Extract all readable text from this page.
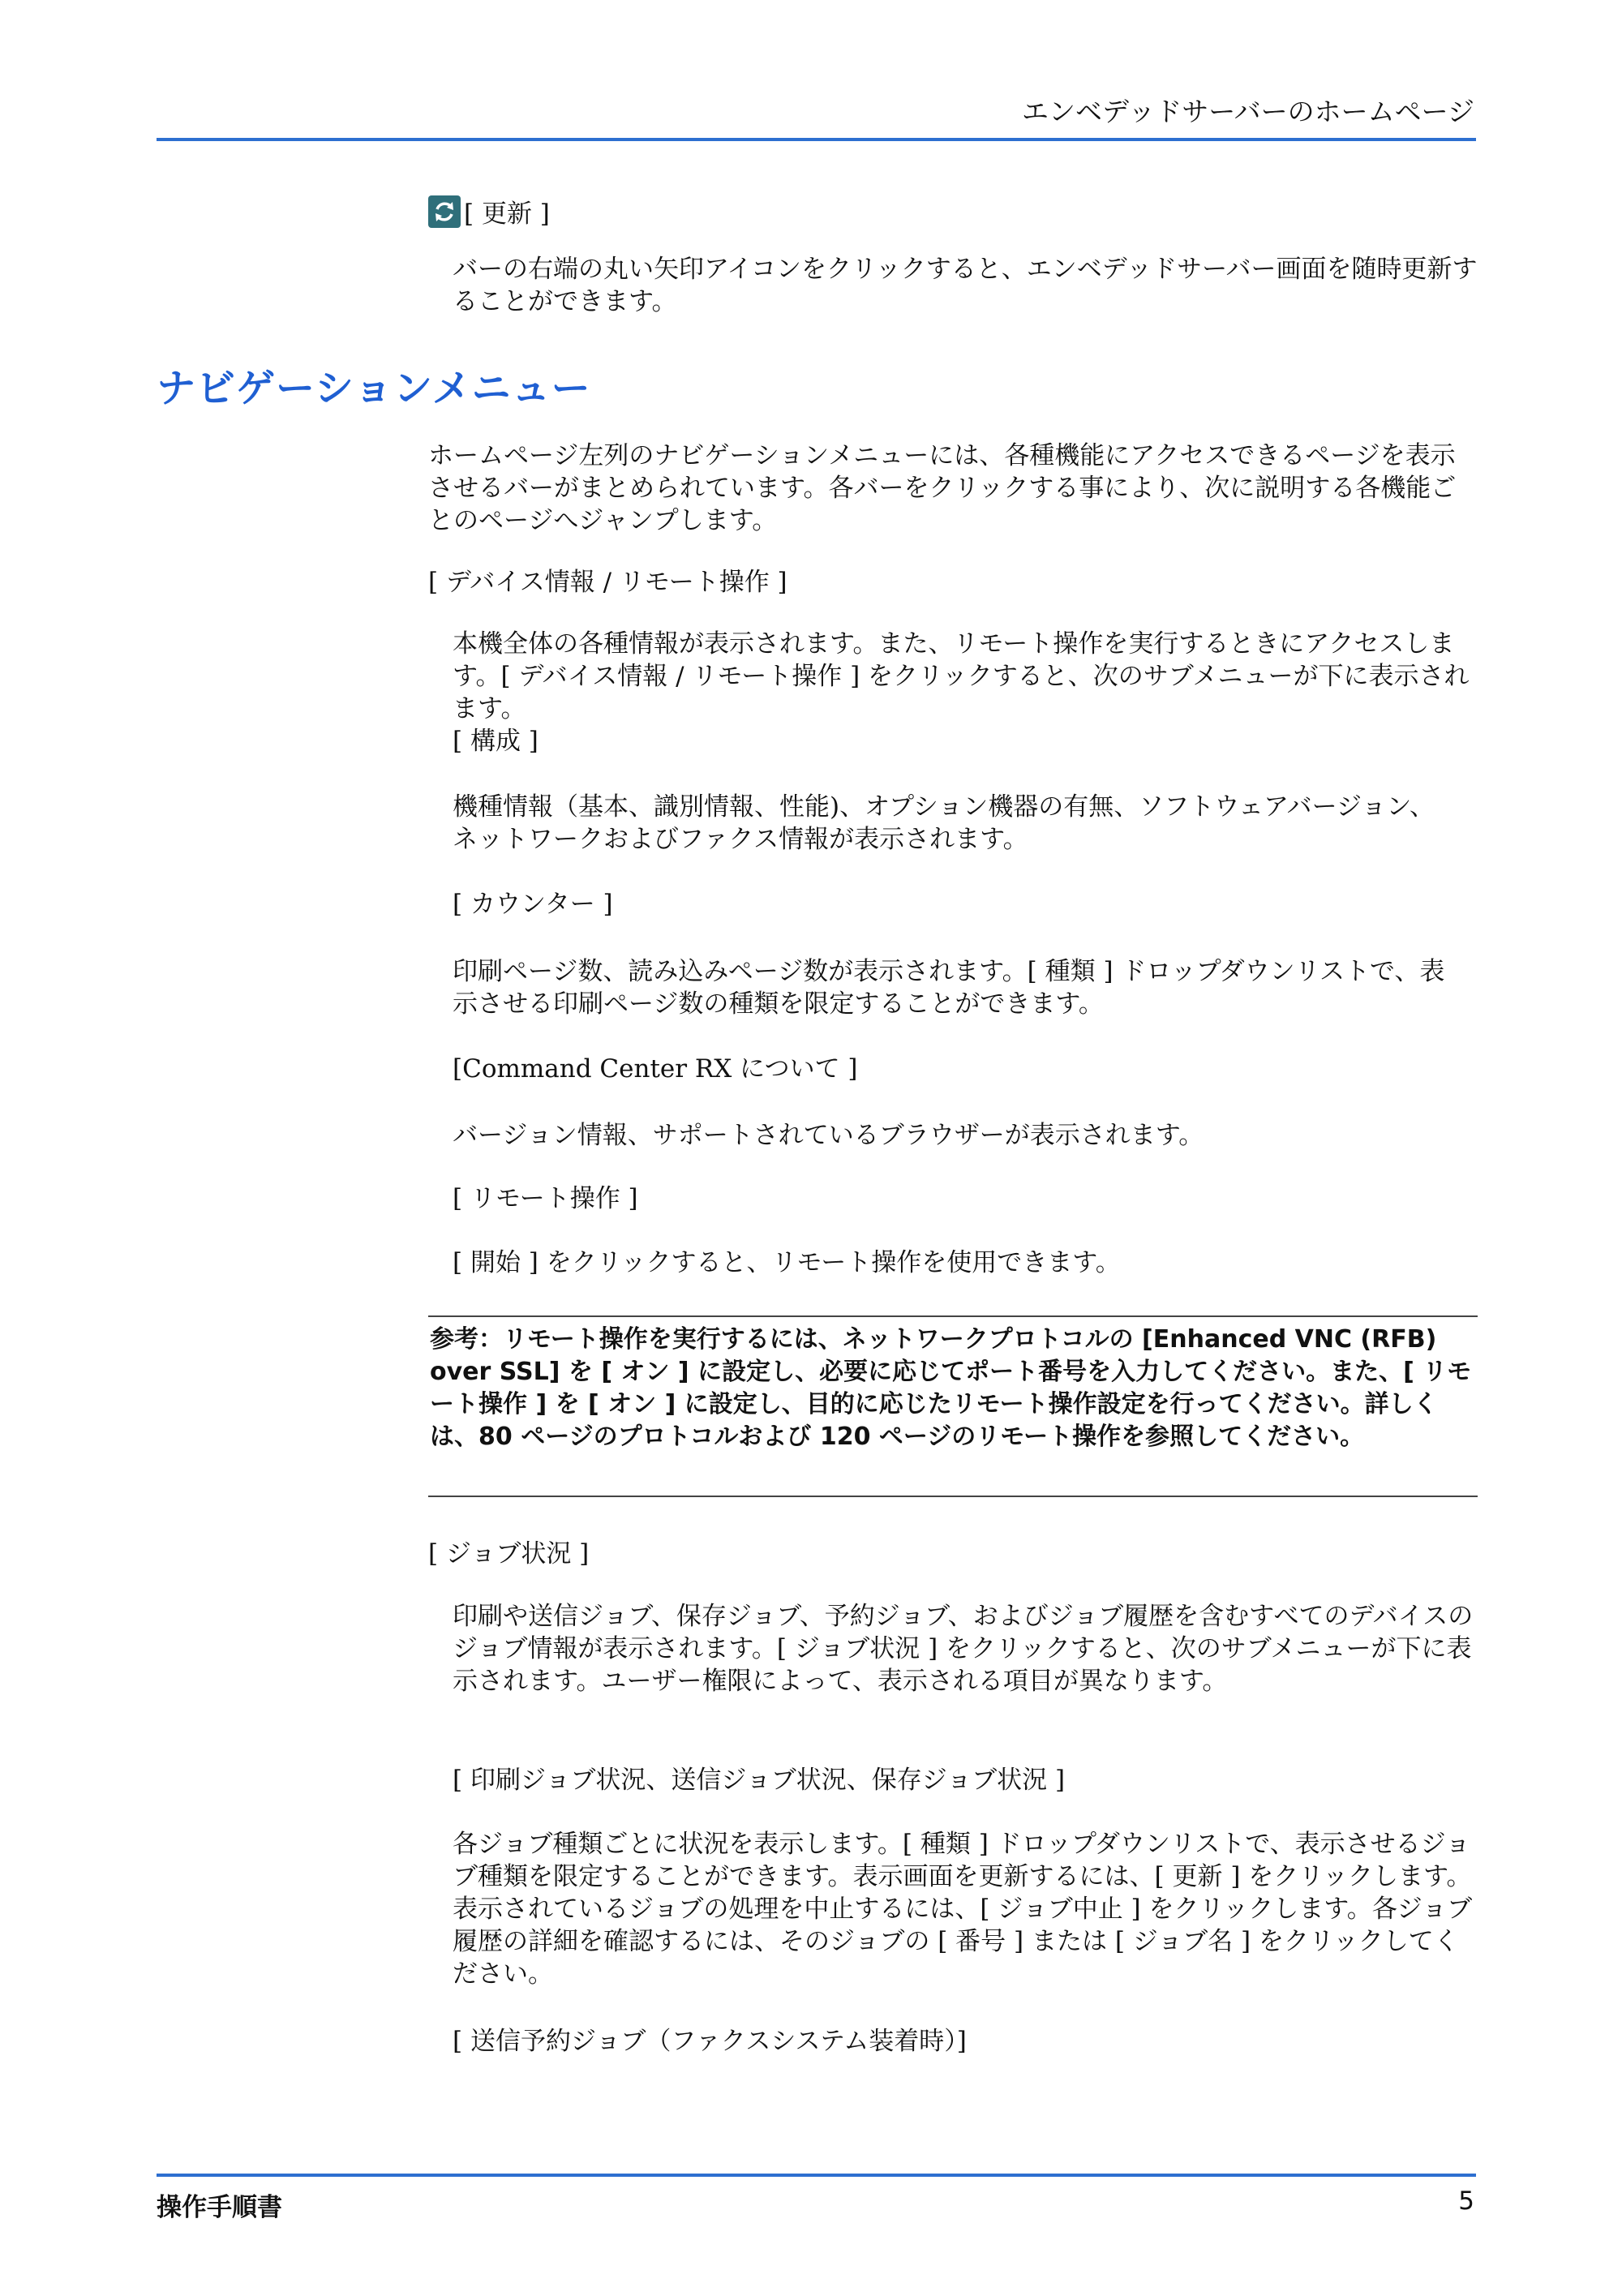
エンベデッドサーバーのホームページ
[ 更新 ]

バーの右端の丸い矢印アイコンをクリックすると、エンベデッドサーバー画面を随時更新することができます。

ナビゲーションメニュー

ホームページ左列のナビゲーションメニューには、各種機能にアクセスできるページを表示させるバーがまとめられています。各バーをクリックする事により、次に説明する各機能ごとのページへジャンプします。

[ デバイス情報 / リモート操作 ]

本機全体の各種情報が表示されます。また、リモート操作を実行するときにアクセスします。[ デバイス情報 / リモート操作 ] をクリックすると、次のサブメニューが下に表示されます。

[ 構成 ]

機種情報（基本、識別情報、性能)、オプション機器の有無、ソフトウェアバージョン、ネットワークおよびファクス情報が表示されます。

[ カウンター ]

印刷ページ数、読み込みページ数が表示されます。[ 種類 ] ドロップダウンリストで、表示させる印刷ページ数の種類を限定することができます。

[Command Center RX について ]

バージョン情報、サポートされているブラウザーが表示されます。

[ リモート操作 ]

[ 開始 ] をクリックすると、リモート操作を使用できます。

参考：リモート操作を実行するには、ネットワークプロトコルの [Enhanced VNC (RFB) over SSL] を [ オン ] に設定し、必要に応じてポート番号を入力してください。また、[ リモート操作 ] を [ オン ] に設定し、目的に応じたリモート操作設定を行ってください。詳しくは、80 ページのプロトコルおよび 120 ページのリモート操作を参照してください。

[ ジョブ状況 ]

印刷や送信ジョブ、保存ジョブ、予約ジョブ、およびジョブ履歴を含むすべてのデバイスのジョブ情報が表示されます。[ ジョブ状況 ] をクリックすると、次のサブメニューが下に表示されます。ユーザー権限によって、表示される項目が異なります。

[ 印刷ジョブ状況、送信ジョブ状況、保存ジョブ状況 ]

各ジョブ種類ごとに状況を表示します。[ 種類 ] ドロップダウンリストで、表示させるジョブ種類を限定することができます。表示画面を更新するには、[ 更新 ] をクリックします。表示されているジョブの処理を中止するには、[ ジョブ中止 ] をクリックします。各ジョブ履歴の詳細を確認するには、そのジョブの [ 番号 ] または [ ジョブ名 ] をクリックしてください。

[ 送信予約ジョブ（ファクスシステム装着時）]

操作手順書	5
